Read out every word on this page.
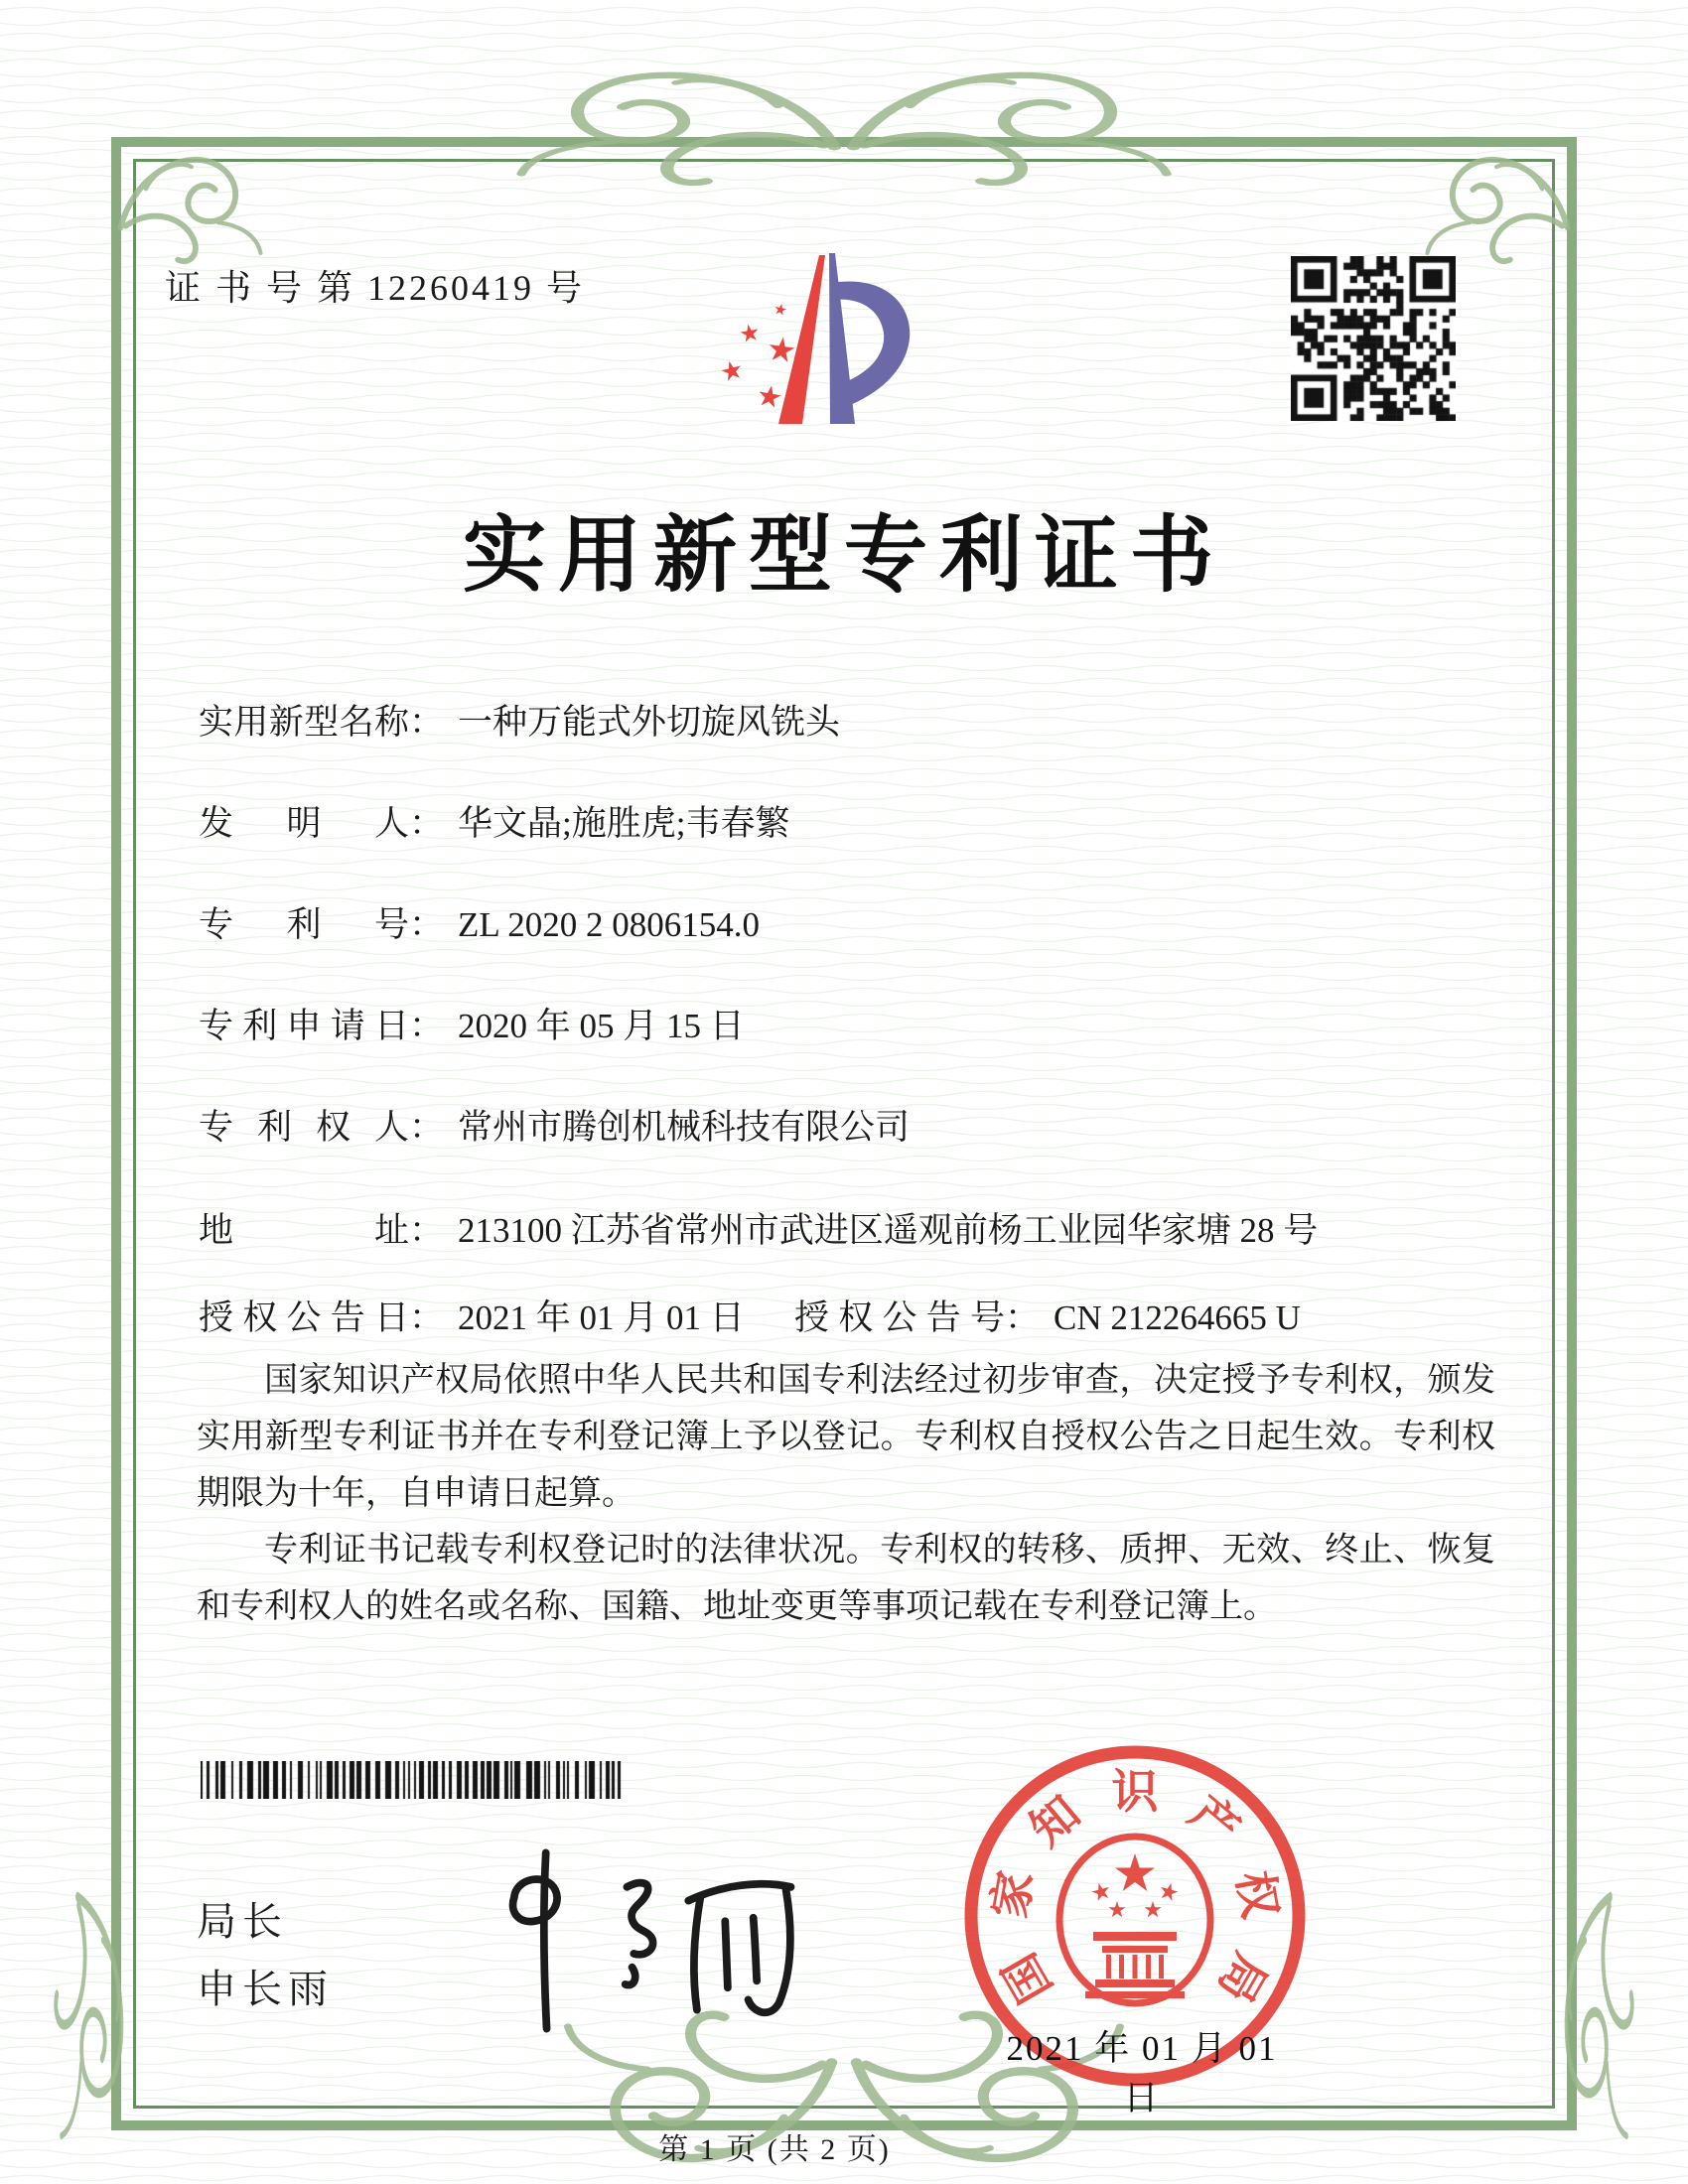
证 书 号 第 12260419 号
实用新型专利证书
实 用 新 型 名 称 ： 一种万能式外切旋风铣头
发 明 人 ： 华文晶;施胜虎;韦春繁
专 利 号 ： ZL 2020 2 0806154.0
专 利 申 请 日 ： 2020 年 05 月 15 日
专 利 权 人 ： 常州市腾创机械科技有限公司
地	址 ： 213100 江苏省常州市武进区遥观前杨工业园华家塘 28 号
授 权 公 告 日 ： 2021 年 01 月 01 日 授 权 公 告 号 ： CN 212264665 U

国家知识产权局依照中华人民共和国专利法经过初步审查，决定授予专利权，颁发实用新型专利证书并在专利登记簿上予以登记。专利权自授权公告之日起生效。专利权期限为十年，自申请日起算。

专利证书记载专利权登记时的法律状况。专利权的转移、质押、无效、终止、恢复和专利权人的姓名或名称、国籍、地址变更等事项记载在专利登记簿上。

局长
申长雨	国
家
知 识 产
权
局
2021 年 01 月 01 日
第 1 页 (共 2 页)
